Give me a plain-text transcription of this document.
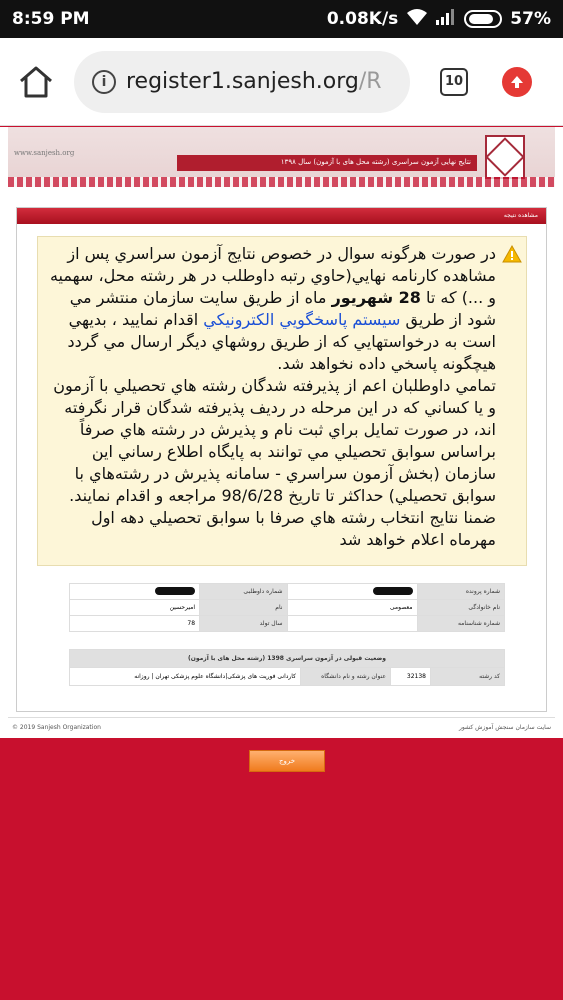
8:59 PM	0.08K/s	57%
i register1.sanjesh.org /R	10
www.sanjesh.org
نتایج نهایی آزمون سراسری (رشته محل های با آزمون) سال ۱۳۹۸
مشاهده نتیجه

در صورت هرگونه سوال در خصوص نتايج آزمون سراسري پس از مشاهده كارنامه نهايي(حاوي رتبه داوطلب در هر رشته محل، سهميه و ...) كه تا 28 شهريور ماه از طريق سايت سازمان منتشر مي شود از طريق سيستم پاسخگويي الكترونيكي اقدام نماييد ، بديهي است به درخواستهايي كه از طريق روشهاي ديگر ارسال مي گردد هيچگونه پاسخي داده نخواهد شد.

تمامي داوطلبان اعم از پذيرفته شدگان رشته هاي تحصيلي با آزمون و يا كساني كه در اين مرحله در رديف پذيرفته شدگان قرار نگرفته اند، در صورت تمايل براي ثبت نام و پذيرش در رشته هاي صرفاً براساس سوابق تحصيلي مي توانند به پايگاه اطلاع رساني اين سازمان (بخش آزمون سراسري - سامانه پذيرش در رشته‌هاي با سوابق تحصيلي) حداكثر تا تاريخ 98/6/28 مراجعه و اقدام نمايند. ضمنا نتايج انتخاب رشته هاي صرفا با سوابق تحصيلي دهه اول مهرماه اعلام خواهد شد

شماره پرونده		شماره داوطلبی	
نام خانوادگی	معصومی	نام	امیرحسین
شماره شناسنامه		سال تولد	78
وضعیت قبولی در آزمون سراسری 1398 (رشته محل های با آزمون)
کد رشته	32138	عنوان رشته و نام دانشگاه	کاردانی فوریت های پزشکی|دانشگاه علوم پزشکی تهران | روزانه
خروج
© 2019 Sanjesh Organization	سایت سازمان سنجش آموزش کشور
